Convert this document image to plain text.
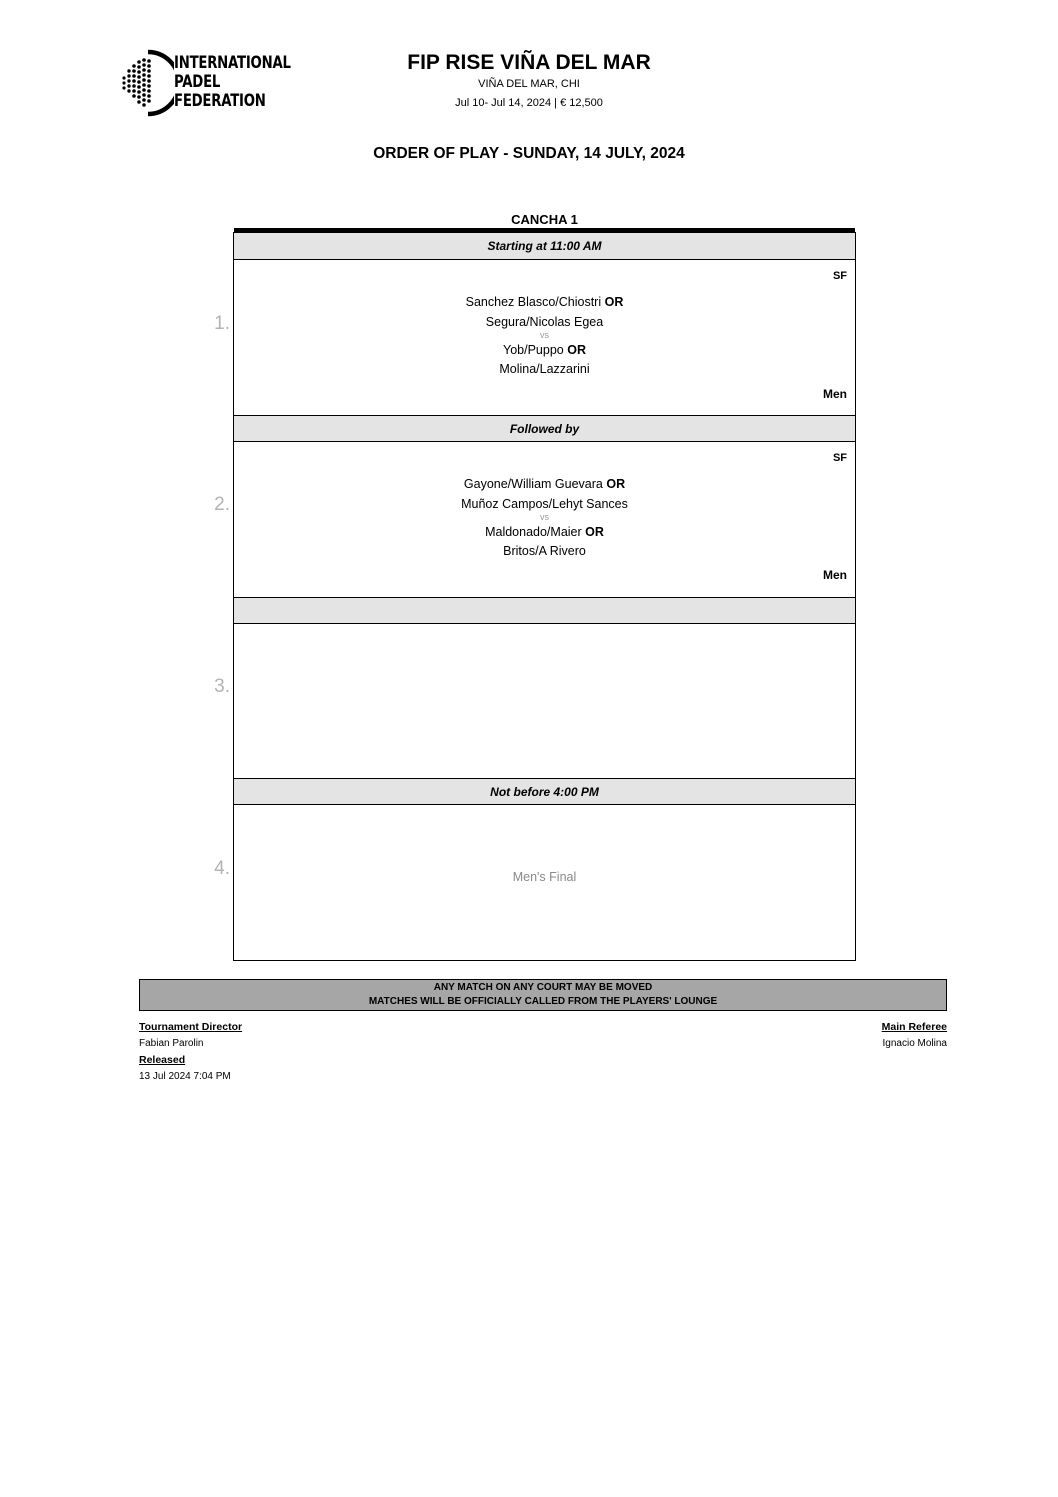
INTERNATIONAL
PADEL
FEDERATION
FIP RISE VIÑA DEL MAR
VIÑA DEL MAR, CHI
Jul 10- Jul 14, 2024 | € 12,500
ORDER OF PLAY - SUNDAY, 14 JULY, 2024
CANCHA 1
Starting at 11:00 AM
1.
SF
Sanchez Blasco/Chiostri OR
Segura/Nicolas Egea
vs
Yob/Puppo OR
Molina/Lazzarini
Men
Followed by
2.
SF
Gayone/William Guevara OR
Muñoz Campos/Lehyt Sances
vs
Maldonado/Maier OR
Britos/A Rivero
Men
3.
Not before 4:00 PM
4.	Men's Final
ANY MATCH ON ANY COURT MAY BE MOVED
MATCHES WILL BE OFFICIALLY CALLED FROM THE PLAYERS' LOUNGE
Tournament Director
Fabian Parolin
Released
13 Jul 2024 7:04 PM
Main Referee
Ignacio Molina
